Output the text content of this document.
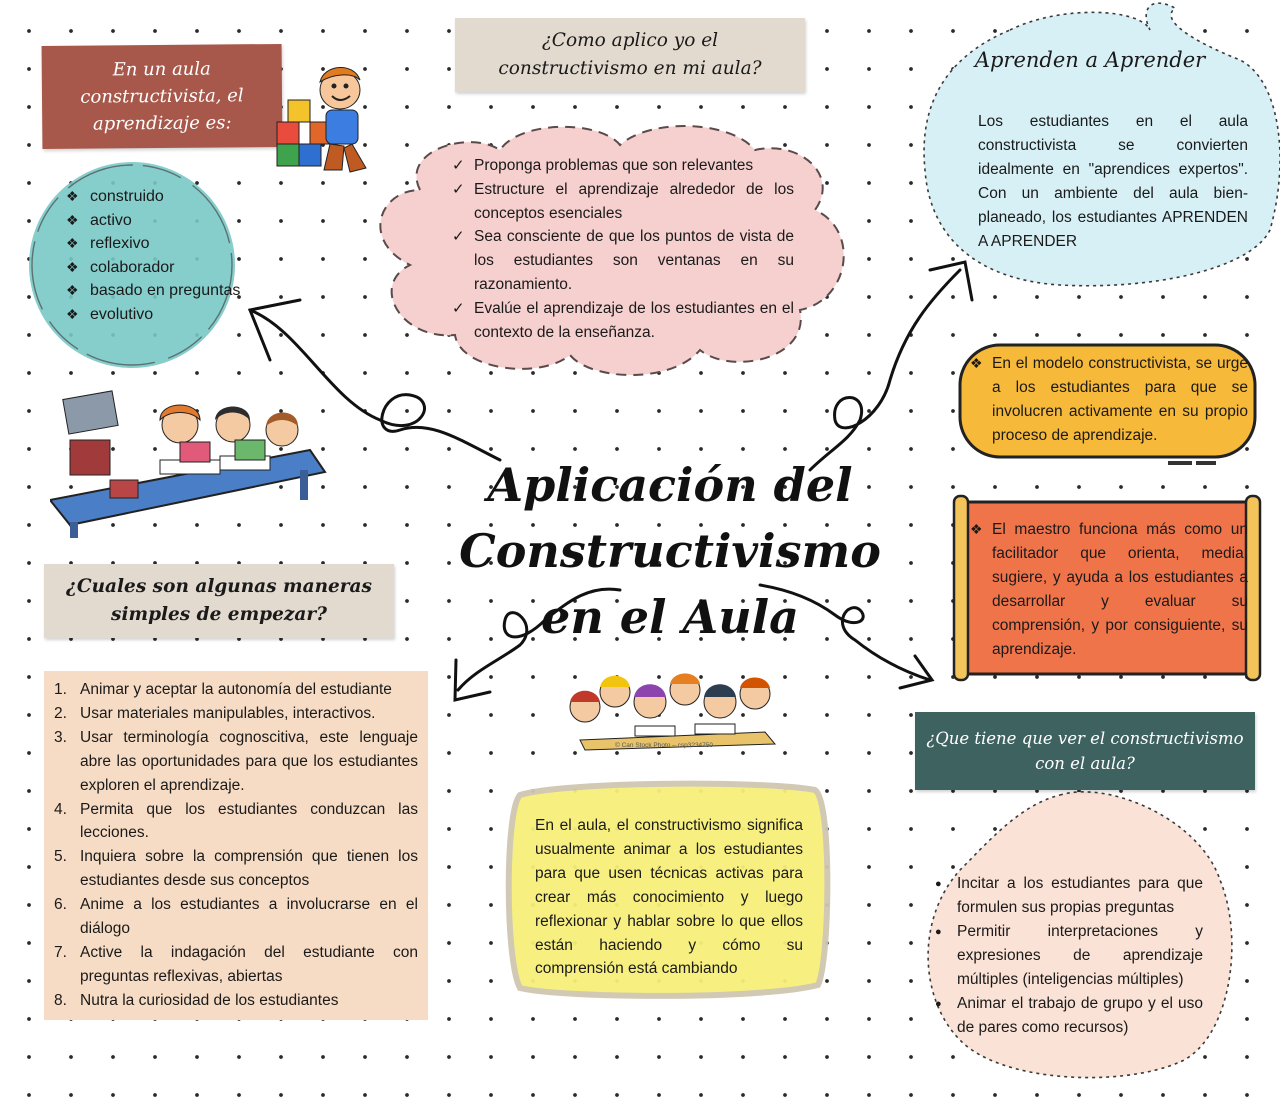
En un aula
constructivista, el
aprendizaje es:
¿Como aplico yo el
constructivismo en mi aula?
¿Cuales son algunas maneras
simples de empezar?
¿Que tiene que ver el constructivismo
con el aula?
❖ construido
❖ activo
❖ reflexivo
❖ colaborador
❖ basado en preguntas
❖ evolutivo
✓ Proponga problemas que son relevantes
✓ Estructure el aprendizaje alrededor de los conceptos esenciales
✓ Sea consciente de que los puntos de vista de los estudiantes son ventanas en su razonamiento.
✓ Evalúe el aprendizaje de los estudiantes en el contexto de la enseñanza.
Aprenden a Aprender
Los estudiantes en el aula constructivista se convierten idealmente en "aprendices expertos". Con un ambiente del aula bien-planeado, los estudiantes APRENDEN A APRENDER
❖ En el modelo constructivista, se urge a los estudiantes para que se involucren activamente en su propio proceso de aprendizaje.
❖ El maestro funciona más como un facilitador que orienta, media, sugiere, y ayuda a los estudiantes a desarrollar y evaluar su comprensión, y por consiguiente, su aprendizaje.
1. Animar y aceptar la autonomía del estudiante
2. Usar materiales manipulables, interactivos.
3. Usar terminología cognoscitiva, este lenguaje abre las oportunidades para que los estudiantes exploren el aprendizaje.
4. Permita que los estudiantes conduzcan las lecciones.
5. Inquiera sobre la comprensión que tienen los estudiantes desde sus conceptos
6. Anime a los estudiantes a involucrarse en el diálogo
7. Active la indagación del estudiante con preguntas reflexivas, abiertas
8. Nutra la curiosidad de los estudiantes
En el aula, el constructivismo significa usualmente animar a los estudiantes para que usen técnicas activas para crear más conocimiento y luego reflexionar y hablar sobre lo que ellos están haciendo y cómo su comprensión está cambiando
● Incitar a los estudiantes para que formulen sus propias preguntas
● Permitir interpretaciones y expresiones de aprendizaje múltiples (inteligencias múltiples)
● Animar el trabajo de grupo y el uso de pares como recursos)
Aplicación del Constructivismo en el Aula
© Can Stock Photo – csp3234750
